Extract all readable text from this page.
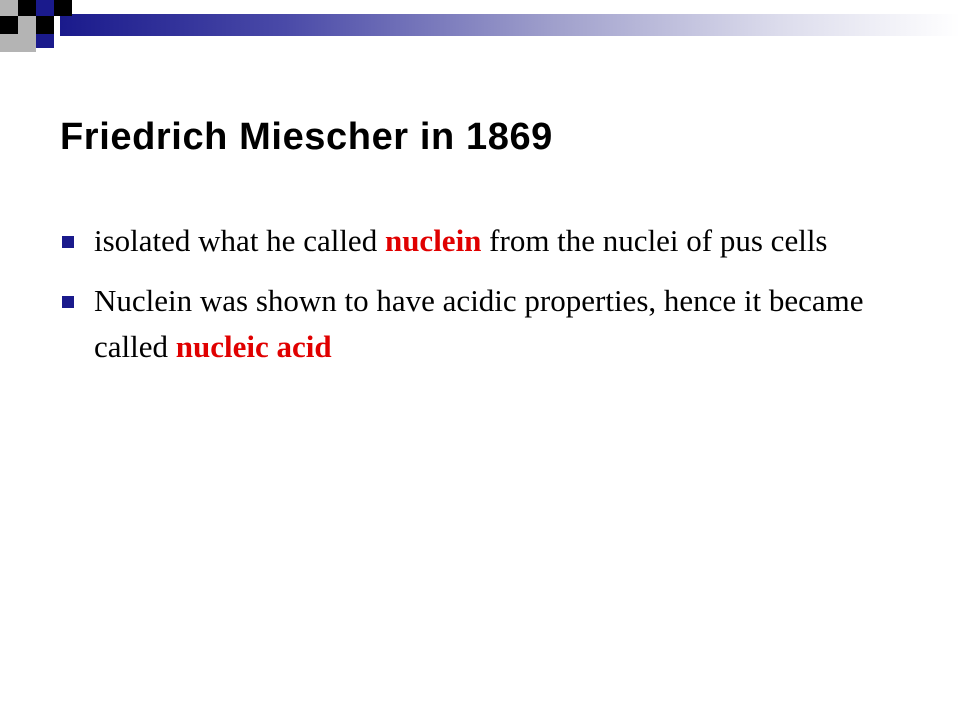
Friedrich Miescher in 1869
isolated what he called nuclein from the nuclei of pus cells
Nuclein was shown to have acidic properties, hence it became called nucleic acid
